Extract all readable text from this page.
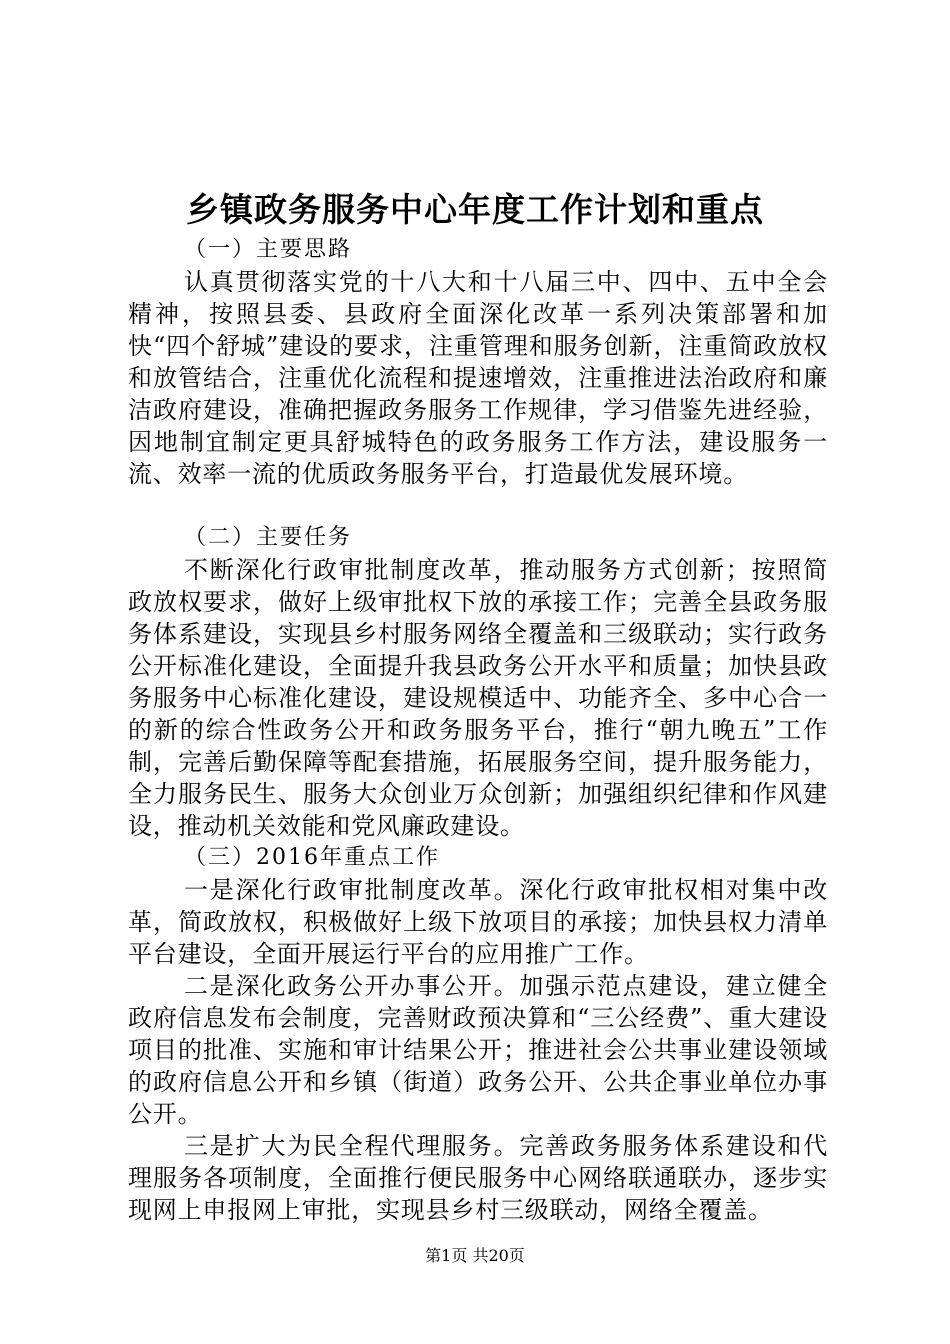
乡镇政务服务中心年度工作计划和重点

（一）主要思路

认真贯彻落实党的十八大和十八届三中、四中、五中全会精神，按照县委、县政府全面深化改革一系列决策部署和加快“四个舒城”建设的要求，注重管理和服务创新，注重简政放权和放管结合，注重优化流程和提速增效，注重推进法治政府和廉洁政府建设，准确把握政务服务工作规律，学习借鉴先进经验，因地制宜制定更具舒城特色的政务服务工作方法，建设服务一流、效率一流的优质政务服务平台，打造最优发展环境。

（二）主要任务

不断深化行政审批制度改革，推动服务方式创新；按照简政放权要求，做好上级审批权下放的承接工作；完善全县政务服务体系建设，实现县乡村服务网络全覆盖和三级联动；实行政务公开标准化建设，全面提升我县政务公开水平和质量；加快县政务服务中心标准化建设，建设规模适中、功能齐全、多中心合一的新的综合性政务公开和政务服务平台，推行“朝九晚五”工作制，完善后勤保障等配套措施，拓展服务空间，提升服务能力，全力服务民生、服务大众创业万众创新；加强组织纪律和作风建设，推动机关效能和党风廉政建设。

（三）2016年重点工作

一是深化行政审批制度改革。深化行政审批权相对集中改革，简政放权，积极做好上级下放项目的承接；加快县权力清单平台建设，全面开展运行平台的应用推广工作。

二是深化政务公开办事公开。加强示范点建设，建立健全政府信息发布会制度，完善财政预决算和“三公经费”、重大建设项目的批准、实施和审计结果公开；推进社会公共事业建设领域的政府信息公开和乡镇（街道）政务公开、公共企事业单位办事公开。

三是扩大为民全程代理服务。完善政务服务体系建设和代理服务各项制度，全面推行便民服务中心网络联通联办，逐步实现网上申报网上审批，实现县乡村三级联动，网络全覆盖。

第1页 共20页
